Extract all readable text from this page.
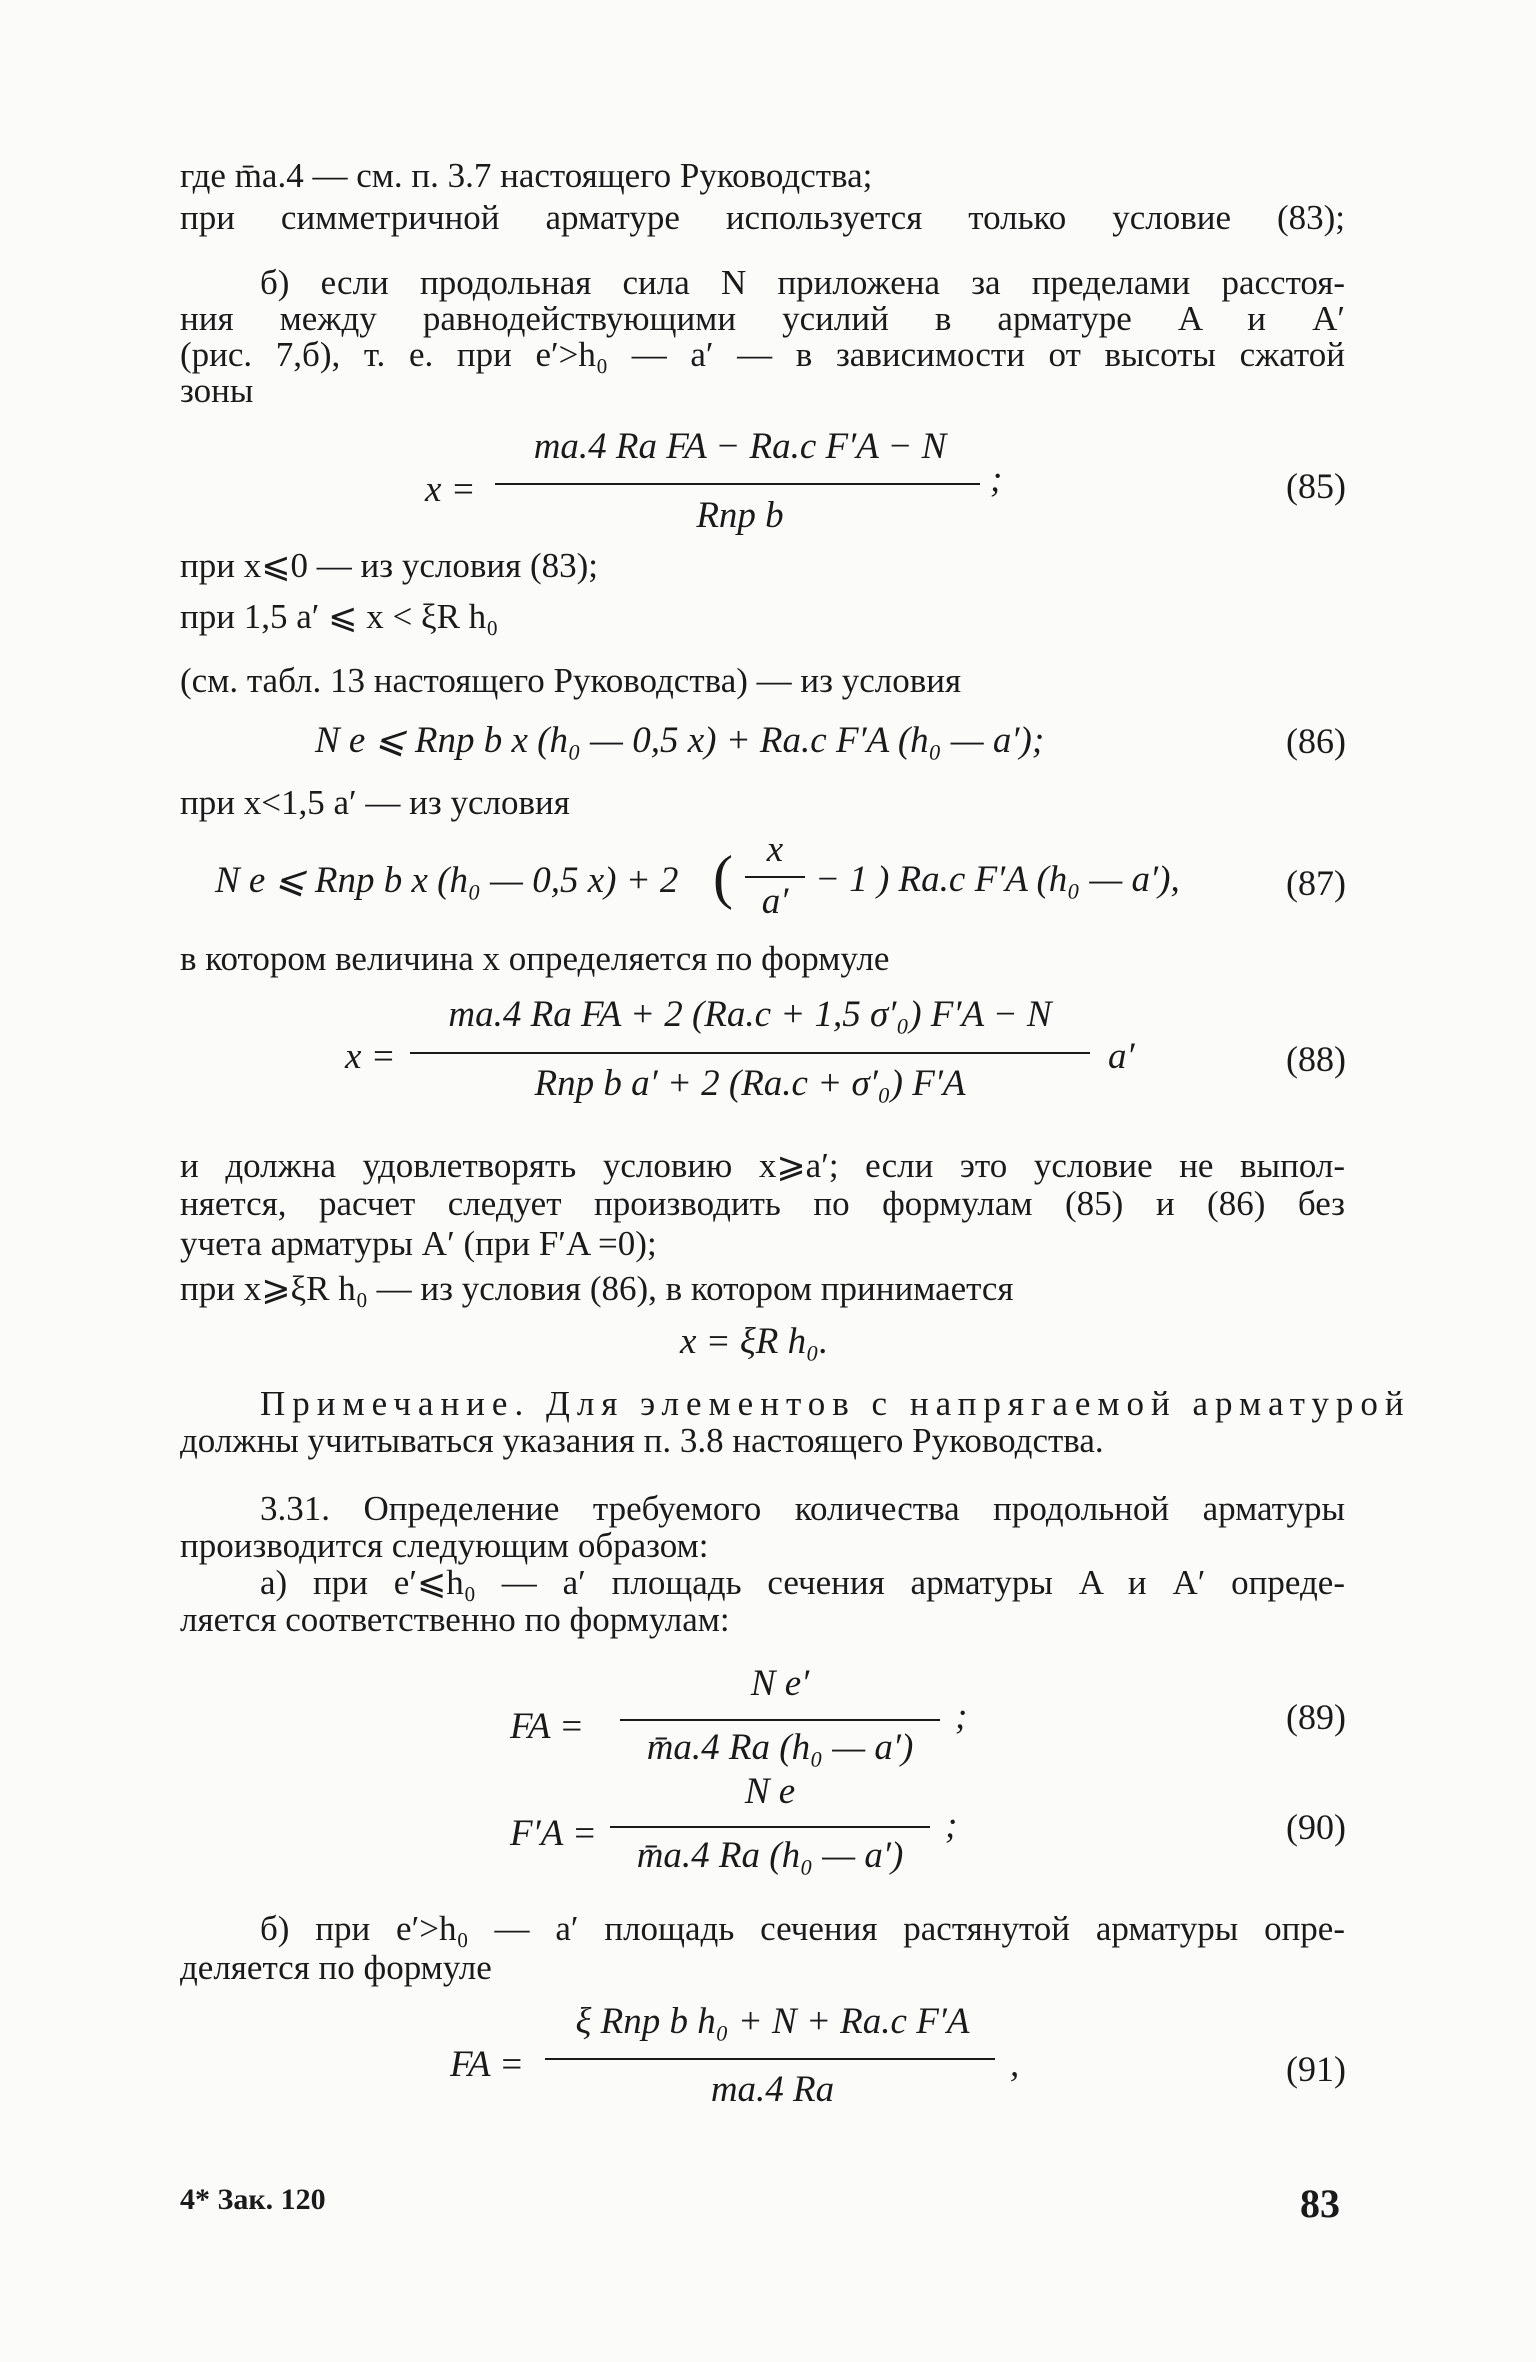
где m̄а.4 — см. п. 3.7 настоящего Руководства;
при симметричной арматуре используется только условие (83);
б) если продольная сила N приложена за пределами расстоя-
ния между равнодействующими усилий в арматуре A и A′
(рис. 7,б), т. е. при e′>h₀ — a′ — в зависимости от высоты сжатой
зоны
x =
mа.4 Rа FA − Rа.с F′A − N
Rпр b
;	(85)
при x⩽0 — из условия (83);
при 1,5 a′ ⩽ x < ξR h₀
(см. табл. 13 настоящего Руководства) — из условия
N e ⩽ Rпр b x (h₀ — 0,5 x) + Rа.с F′A (h₀ — a′);	(86)
при x<1,5 a′ — из условия
N e ⩽ Rпр b x (h₀ — 0,5 x) + 2 ( x
a′
− 1 ) Rа.с F′A (h₀ — a′),	(87)
в котором величина x определяется по формуле
x =
mа.4 Rа FA + 2 (Rа.с + 1,5 σ′₀) F′A − N
Rпр b a′ + 2 (Rа.с + σ′₀) F′A
a′	(88)
и должна удовлетворять условию x⩾a′; если это условие не выпол-
няется, расчет следует производить по формулам (85) и (86) без
учета арматуры A′ (при F′A =0);
при x⩾ξR h₀ — из условия (86), в котором принимается
x = ξR h₀.
Примечание. Для элементов с напрягаемой арматурой
должны учитываться указания п. 3.8 настоящего Руководства.
3.31. Определение требуемого количества продольной арматуры
производится следующим образом:
а) при e′⩽h₀ — a′ площадь сечения арматуры A и A′ опреде-
ляется соответственно по формулам:
FA =
N e′
m̄а.4 Rа (h₀ — a′)
;	(89)
F′A =
N e
m̄а.4 Rа (h₀ — a′)
;	(90)
б) при e′>h₀ — a′ площадь сечения растянутой арматуры опре-
деляется по формуле
FA =
ξ Rпр b h₀ + N + Rа.с F′A
mа.4 Rа
,	(91)
4* Зак. 120	83
